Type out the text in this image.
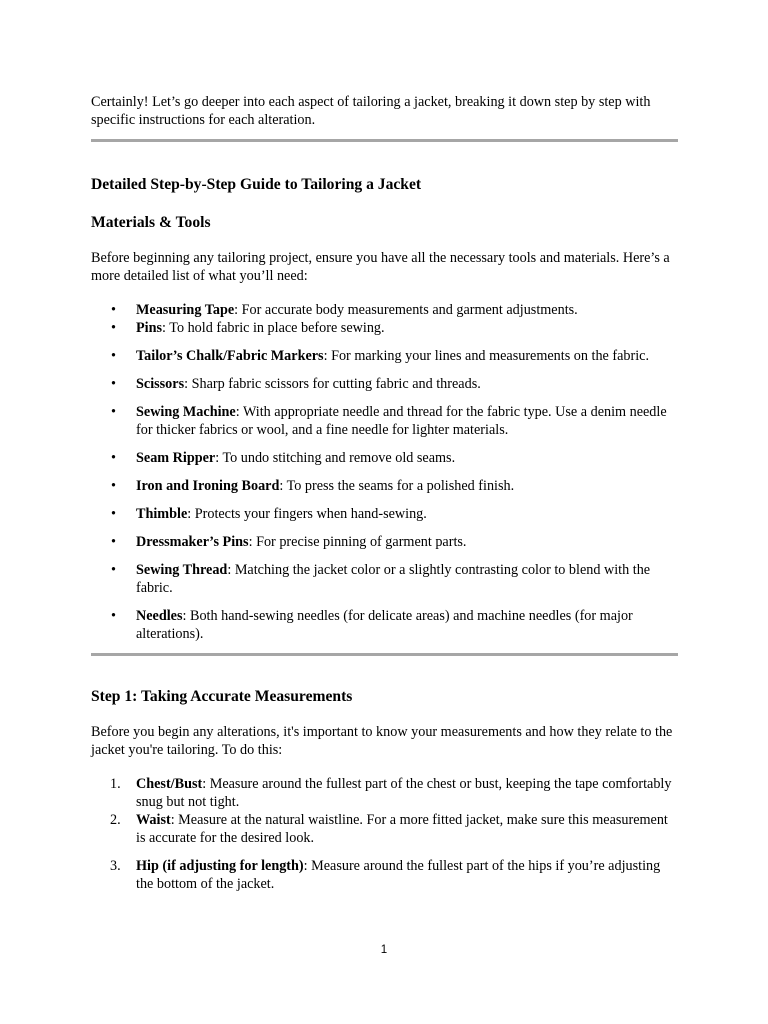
Certainly! Let’s go deeper into each aspect of tailoring a jacket, breaking it down step by step with specific instructions for each alteration.

Detailed Step-by-Step Guide to Tailoring a Jacket
Materials & Tools

Before beginning any tailoring project, ensure you have all the necessary tools and materials. Here’s a more detailed list of what you’ll need:

• Measuring Tape: For accurate body measurements and garment adjustments.
• Pins: To hold fabric in place before sewing.
• Tailor’s Chalk/Fabric Markers: For marking your lines and measurements on the fabric.
• Scissors: Sharp fabric scissors for cutting fabric and threads.
• Sewing Machine: With appropriate needle and thread for the fabric type. Use a denim needle for thicker fabrics or wool, and a fine needle for lighter materials.
• Seam Ripper: To undo stitching and remove old seams.
• Iron and Ironing Board: To press the seams for a polished finish.
• Thimble: Protects your fingers when hand-sewing.
• Dressmaker’s Pins: For precise pinning of garment parts.
• Sewing Thread: Matching the jacket color or a slightly contrasting color to blend with the fabric.
• Needles: Both hand-sewing needles (for delicate areas) and machine needles (for major alterations).
Step 1: Taking Accurate Measurements

Before you begin any alterations, it's important to know your measurements and how they relate to the jacket you're tailoring. To do this:

1. Chest/Bust: Measure around the fullest part of the chest or bust, keeping the tape comfortably snug but not tight.
2. Waist: Measure at the natural waistline. For a more fitted jacket, make sure this measurement is accurate for the desired look.
3. Hip (if adjusting for length): Measure around the fullest part of the hips if you’re adjusting the bottom of the jacket.
1
